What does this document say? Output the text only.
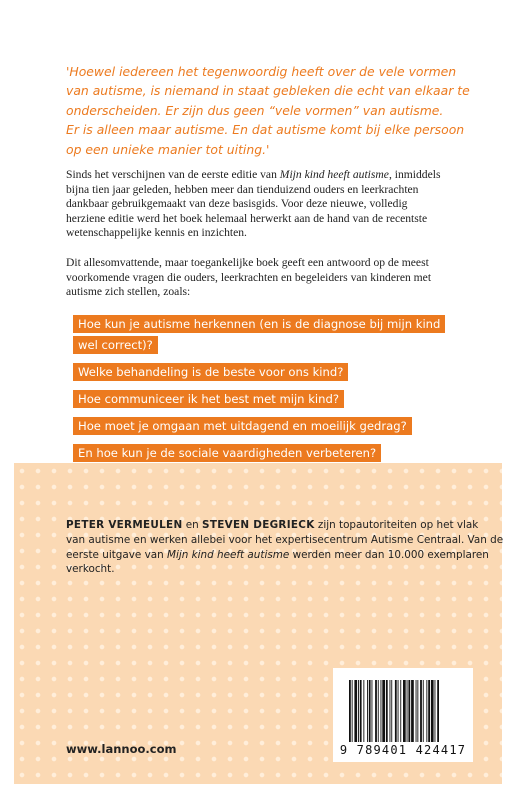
'Hoewel iedereen het tegenwoordig heeft over de vele vormen
van autisme, is niemand in staat gebleken die echt van elkaar te
onderscheiden. Er zijn dus geen “vele vormen” van autisme.
Er is alleen maar autisme. En dat autisme komt bij elke persoon
op een unieke manier tot uiting.'
Sinds het verschijnen van de eerste editie van Mijn kind heeft autisme, inmiddels
bijna tien jaar geleden, hebben meer dan tienduizend ouders en leerkrachten
dankbaar gebruikgemaakt van deze basisgids. Voor deze nieuwe, volledig
herziene editie werd het boek helemaal herwerkt aan de hand van de recentste
wetenschappelijke kennis en inzichten.
Dit allesomvattende, maar toegankelijke boek geeft een antwoord op de meest
voorkomende vragen die ouders, leerkrachten en begeleiders van kinderen met
autisme zich stellen, zoals:
Hoe kun je autisme herkennen (en is de diagnose bij mijn kind wel correct)?
Welke behandeling is de beste voor ons kind?
Hoe communiceer ik het best met mijn kind?
Hoe moet je omgaan met uitdagend en moeilijk gedrag?
En hoe kun je de sociale vaardigheden verbeteren?
PETER VERMEULEN en STEVEN DEGRIECK zijn topautoriteiten op het vlak
van autisme en werken allebei voor het expertisecentrum Autisme Centraal. Van de
eerste uitgave van Mijn kind heeft autisme werden meer dan 10.000 exemplaren
verkocht.
www.lannoo.com	9 789401 424417
